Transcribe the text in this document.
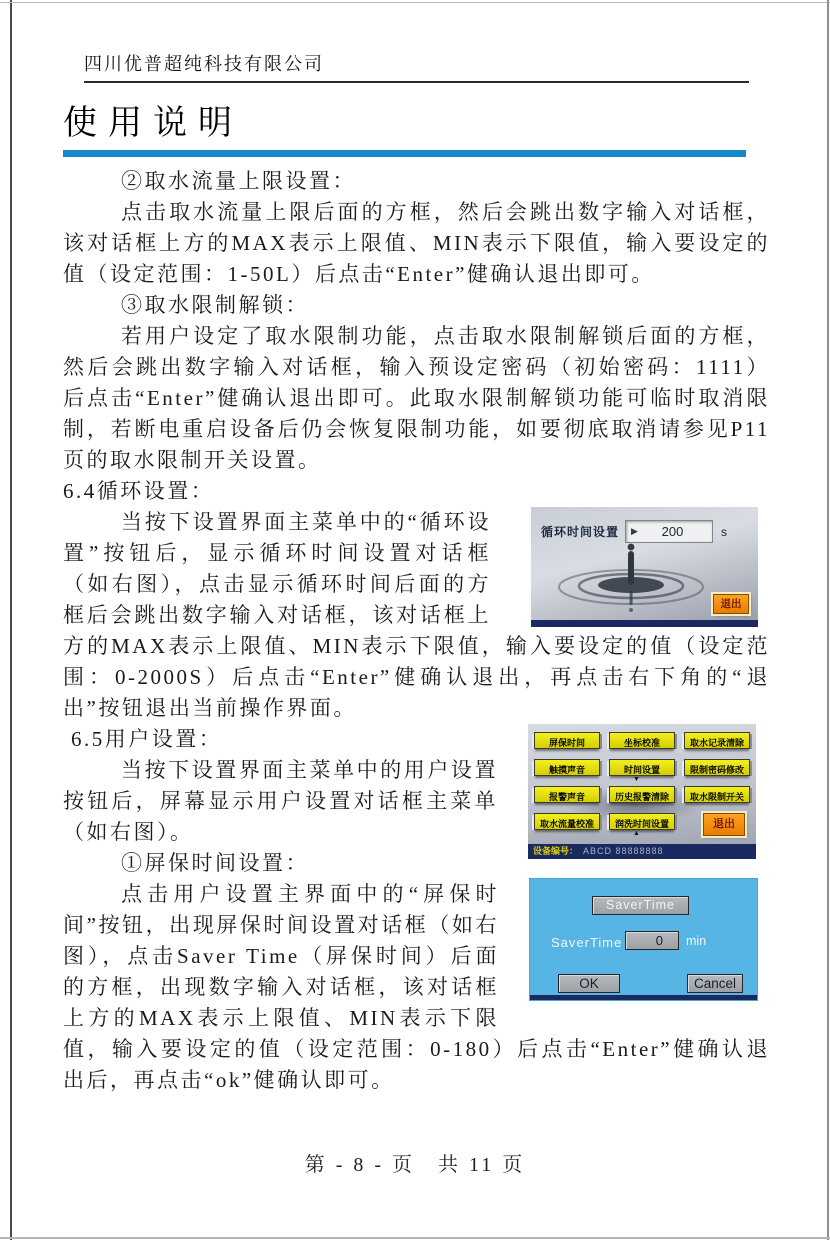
四川优普超纯科技有限公司
使用说明
②取水流量上限设置：
点击取水流量上限后面的方框，然后会跳出数字输入对话框，该对话框上方的MAX表示上限值、MIN表示下限值，输入要设定的值（设定范围：1-50L）后点击“Enter”健确认退出即可。
③取水限制解锁：
若用户设定了取水限制功能，点击取水限制解锁后面的方框，然后会跳出数字输入对话框，输入预设定密码（初始密码：1111）后点击“Enter”健确认退出即可。此取水限制解锁功能可临时取消限制，若断电重启设备后仍会恢复限制功能，如要彻底取消请参见P11页的取水限制开关设置。
6.4循环设置：
循环时间设置 ▶	200	s
退出
当按下设置界面主菜单中的“循环设置”按钮后，显示循环时间设置对话框（如右图），点击显示循环时间后面的方框后会跳出数字输入对话框，该对话框上方的MAX表示上限值、MIN表示下限值，输入要设定的值（设定范围：0-2000S）后点击“Enter”健确认退出，再点击右下角的“退出”按钮退出当前操作界面。
屏保时间	坐标校准	取水记录清除
触摸声音	时间设置	限制密码修改
报警声音	历史报警清除	取水限制开关
取水流量校准	润洗时间设置
▼
▲
退出
设备编号： ABCD 88888888
SaverTime
SaverTime	0	min
OK	Cancel
6.5用户设置：
当按下设置界面主菜单中的用户设置按钮后，屏幕显示用户设置对话框主菜单（如右图）。
①屏保时间设置：
点击用户设置主界面中的“屏保时间”按钮，出现屏保时间设置对话框（如右图），点击Saver Time（屏保时间）后面的方框，出现数字输入对话框，该对话框上方的MAX表示上限值、MIN表示下限值，输入要设定的值（设定范围：0-180）后点击“Enter”健确认退出后，再点击“ok”健确认即可。
第 - 8 - 页　共 11 页
